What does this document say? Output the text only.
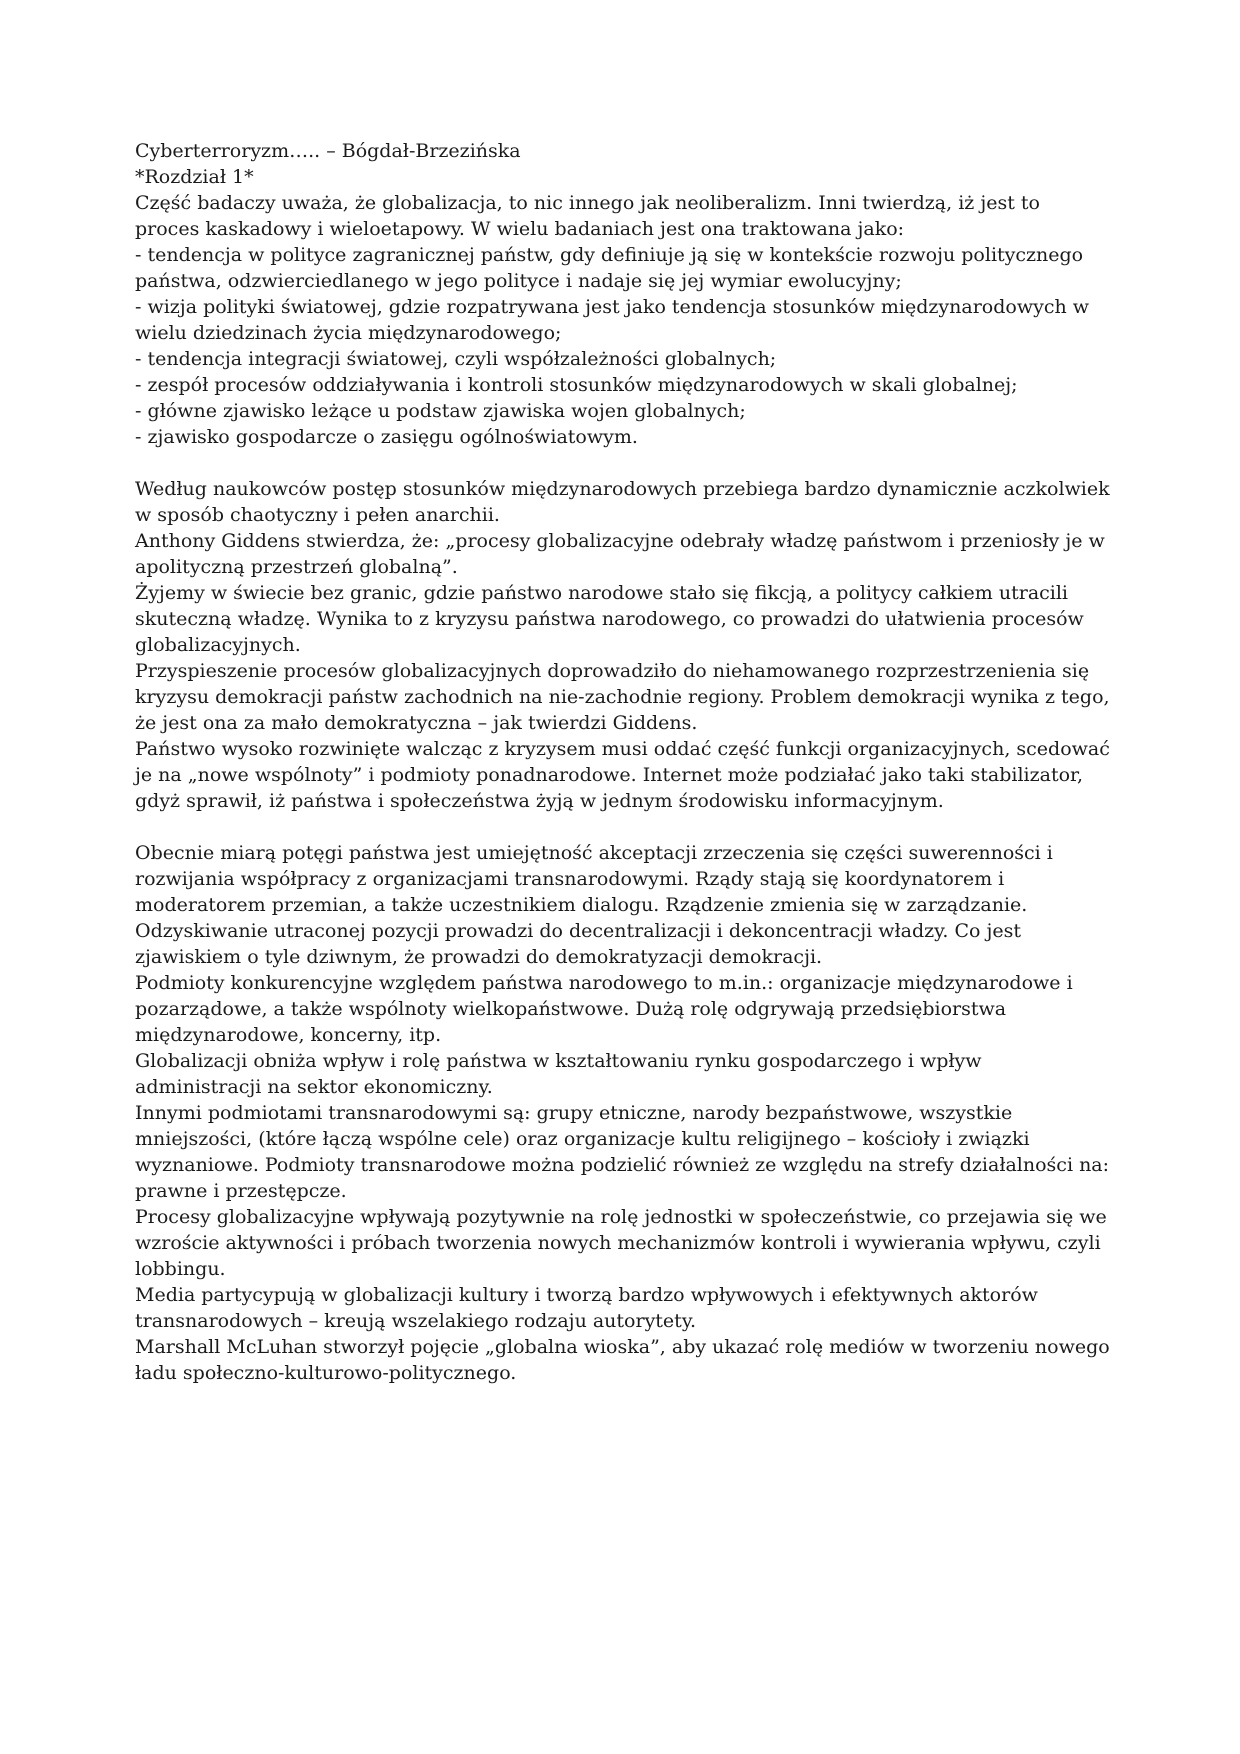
Cyberterroryzm….. – Bógdał-Brzezińska

*Rozdział 1*

Część badaczy uważa, że globalizacja, to nic innego jak neoliberalizm. Inni twierdzą, iż jest to proces kaskadowy i wieloetapowy. W wielu badaniach jest ona traktowana jako:

- tendencja w polityce zagranicznej państw, gdy definiuje ją się w kontekście rozwoju politycznego państwa, odzwierciedlanego w jego polityce i nadaje się jej wymiar ewolucyjny;

- wizja polityki światowej, gdzie rozpatrywana jest jako tendencja stosunków międzynarodowych w wielu dziedzinach życia międzynarodowego;

- tendencja integracji światowej, czyli współzależności globalnych;

- zespół procesów oddziaływania i kontroli stosunków międzynarodowych w skali globalnej;

- główne zjawisko leżące u podstaw zjawiska wojen globalnych;

- zjawisko gospodarcze o zasięgu ogólnoświatowym.

Według naukowców postęp stosunków międzynarodowych przebiega bardzo dynamicznie aczkolwiek w sposób chaotyczny i pełen anarchii.

Anthony Giddens stwierdza, że: „procesy globalizacyjne odebrały władzę państwom i przeniosły je w apolityczną przestrzeń globalną”.

Żyjemy w świecie bez granic, gdzie państwo narodowe stało się fikcją, a politycy całkiem utracili skuteczną władzę. Wynika to z kryzysu państwa narodowego, co prowadzi do ułatwienia procesów globalizacyjnych.

Przyspieszenie procesów globalizacyjnych doprowadziło do niehamowanego rozprzestrzenienia się kryzysu demokracji państw zachodnich na nie-zachodnie regiony. Problem demokracji wynika z tego, że jest ona za mało demokratyczna – jak twierdzi Giddens.

Państwo wysoko rozwinięte walcząc z kryzysem musi oddać część funkcji organizacyjnych, scedować je na „nowe wspólnoty” i podmioty ponadnarodowe. Internet może podziałać jako taki stabilizator, gdyż sprawił, iż państwa i społeczeństwa żyją w jednym środowisku informacyjnym.

Obecnie miarą potęgi państwa jest umiejętność akceptacji zrzeczenia się części suwerenności i rozwijania współpracy z organizacjami transnarodowymi. Rządy stają się koordynatorem i moderatorem przemian, a także uczestnikiem dialogu. Rządzenie zmienia się w zarządzanie.

Odzyskiwanie utraconej pozycji prowadzi do decentralizacji i dekoncentracji władzy. Co jest zjawiskiem o tyle dziwnym, że prowadzi do demokratyzacji demokracji.

Podmioty konkurencyjne względem państwa narodowego to m.in.: organizacje międzynarodowe i pozarządowe, a także wspólnoty wielkopaństwowe. Dużą rolę odgrywają przedsiębiorstwa międzynarodowe, koncerny, itp.

Globalizacji obniża wpływ i rolę państwa w kształtowaniu rynku gospodarczego i wpływ administracji na sektor ekonomiczny.

Innymi podmiotami transnarodowymi są: grupy etniczne, narody bezpaństwowe, wszystkie mniejszości, (które łączą wspólne cele) oraz organizacje kultu religijnego – kościoły i związki wyznaniowe. Podmioty transnarodowe można podzielić również ze względu na strefy działalności na: prawne i przestępcze.

Procesy globalizacyjne wpływają pozytywnie na rolę jednostki w społeczeństwie, co przejawia się we wzroście aktywności i próbach tworzenia nowych mechanizmów kontroli i wywierania wpływu, czyli lobbingu.

Media partycypują w globalizacji kultury i tworzą bardzo wpływowych i efektywnych aktorów transnarodowych – kreują wszelakiego rodzaju autorytety.

Marshall McLuhan stworzył pojęcie „globalna wioska”, aby ukazać rolę mediów w tworzeniu nowego ładu społeczno-kulturowo-politycznego.
